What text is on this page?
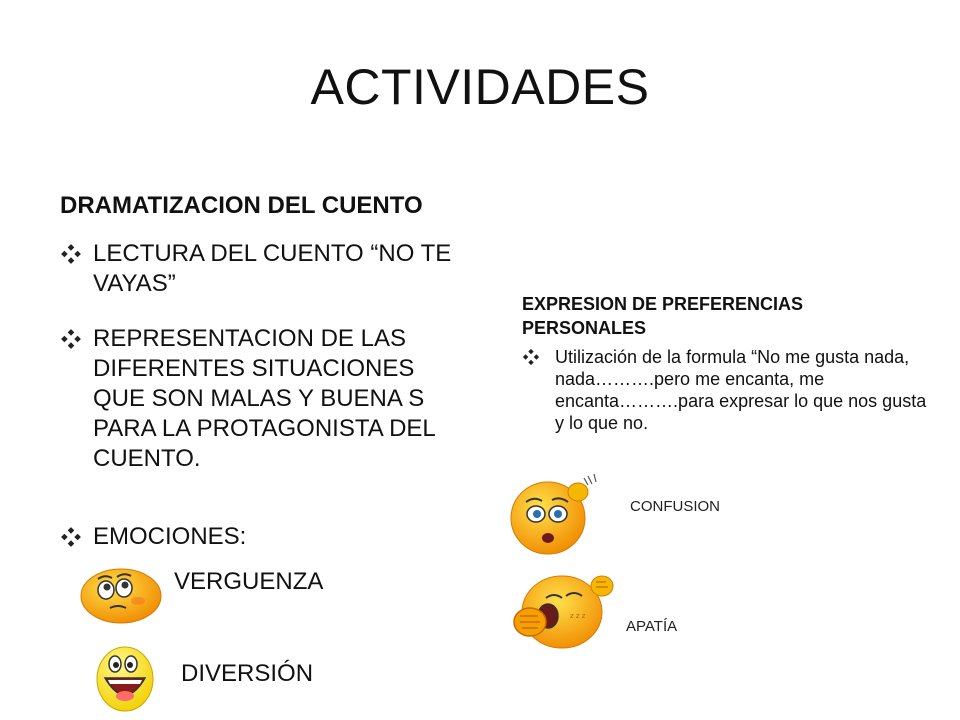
ACTIVIDADES
DRAMATIZACION DEL CUENTO
LECTURA DEL CUENTO “NO TE VAYAS”
REPRESENTACION DE LAS DIFERENTES SITUACIONES QUE SON MALAS Y BUENA S PARA LA PROTAGONISTA DEL CUENTO.
EMOCIONES:
VERGUENZA
DIVERSIÓN
EXPRESION DE PREFERENCIAS PERSONALES
Utilización de la formula “No me gusta nada, nada……….pero me encanta, me encanta……….para expresar lo que nos gusta y lo que no.
CONFUSION
z z z
APATÍA
